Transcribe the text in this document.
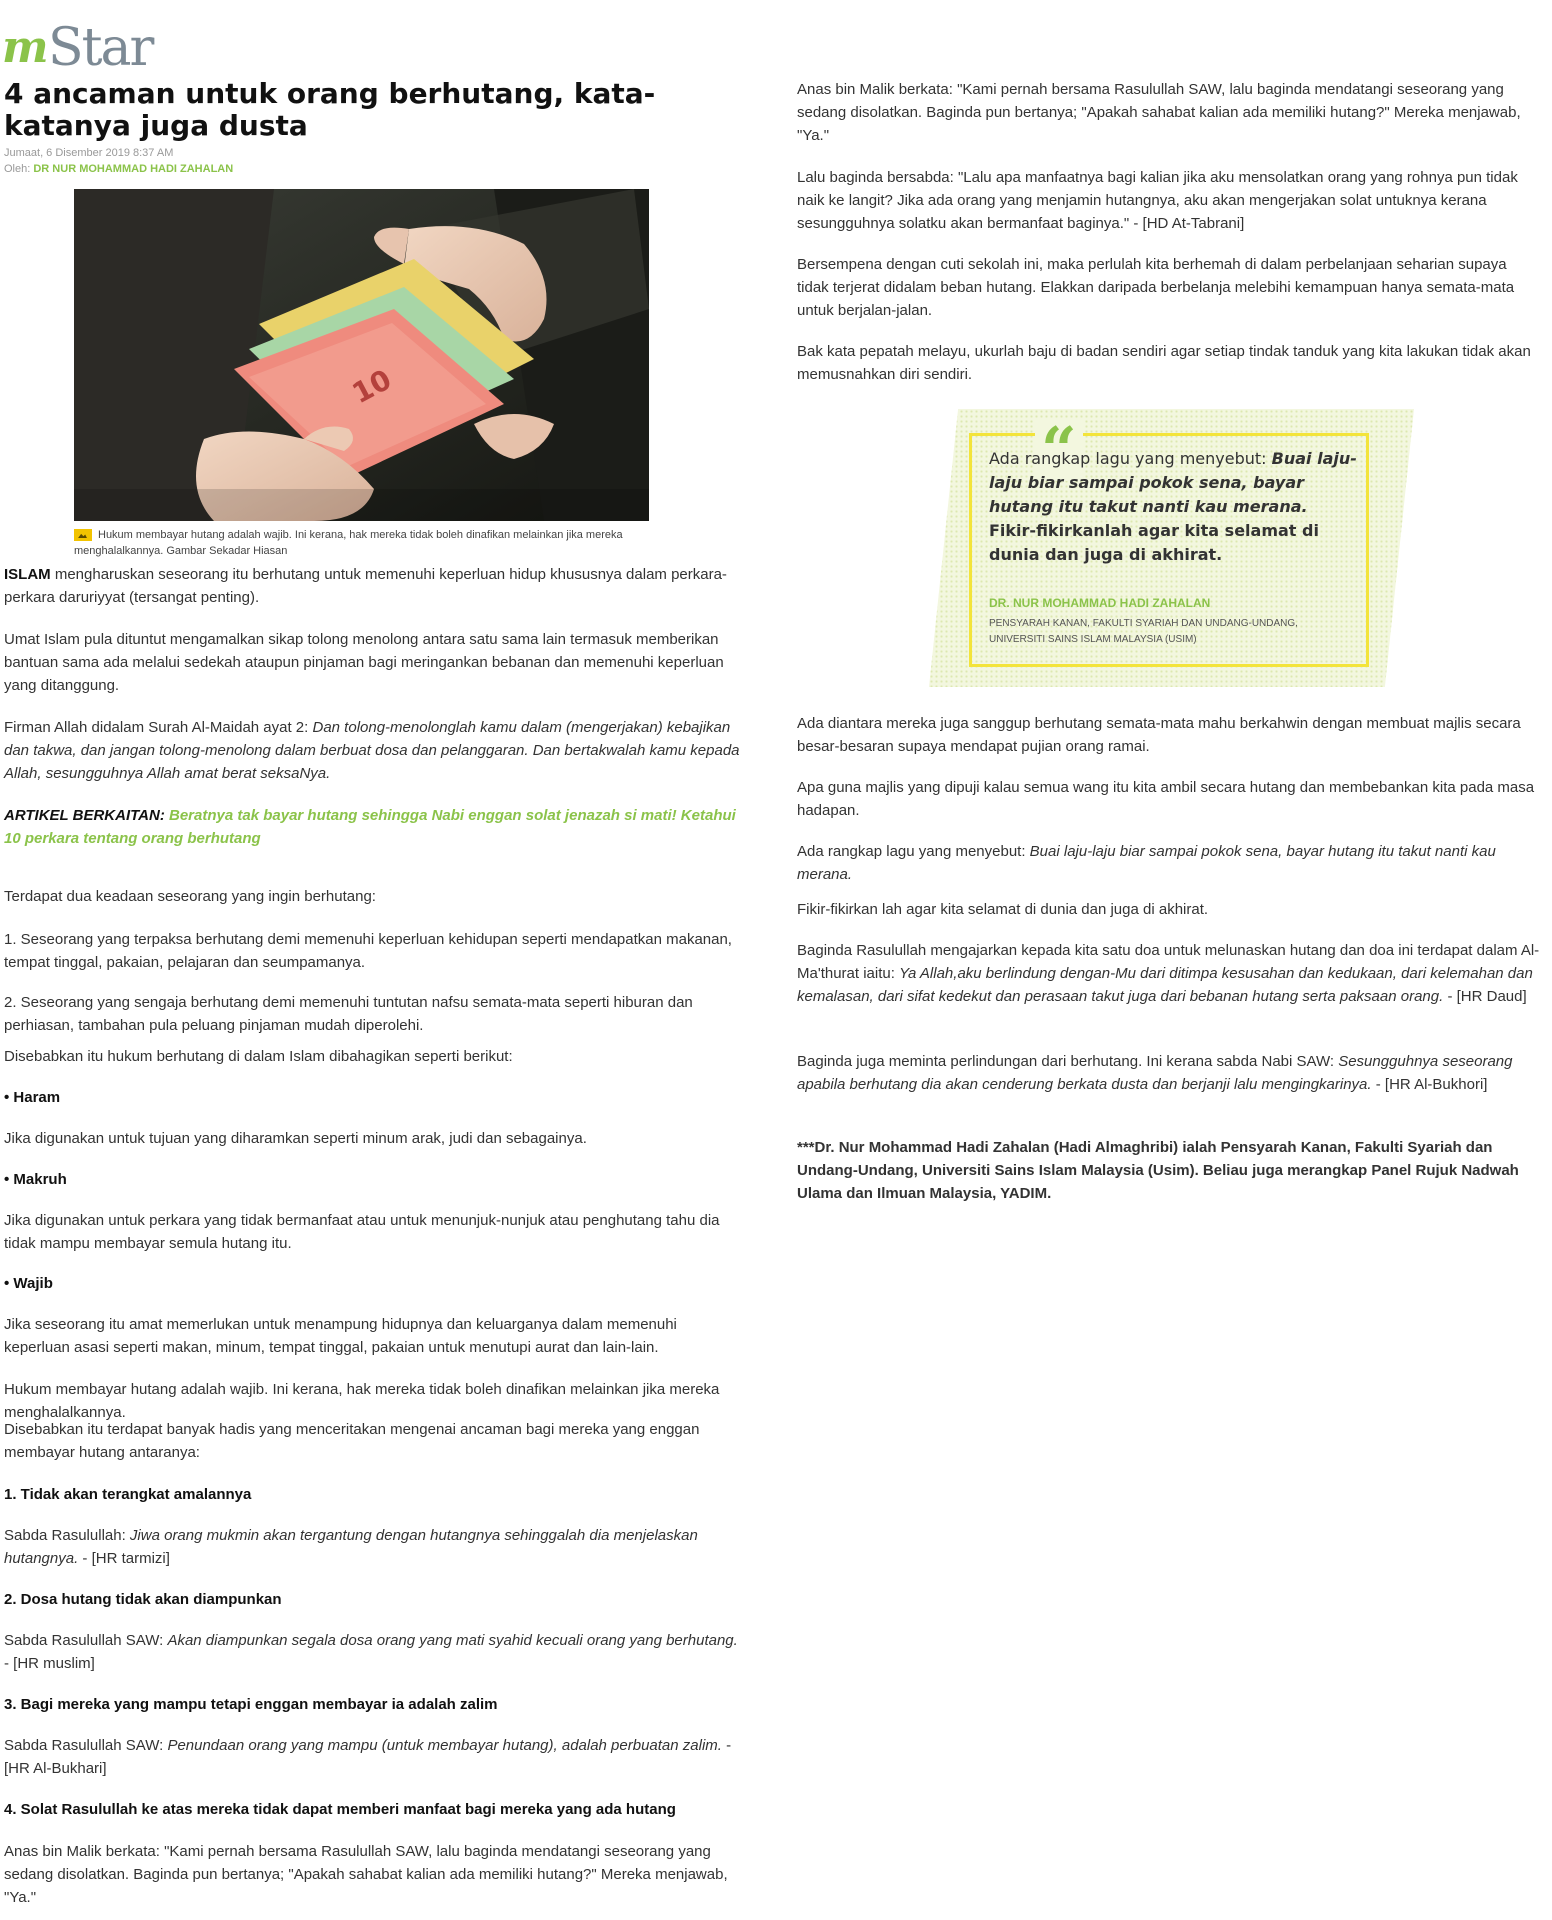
m Star
4 ancaman untuk orang berhutang, kata-katanya juga dusta
Jumaat, 6 Disember 2019 8:37 AM
Oleh: DR NUR MOHAMMAD HADI ZAHALAN
10
Hukum membayar hutang adalah wajib. Ini kerana, hak mereka tidak boleh dinafikan melainkan jika mereka menghalalkannya. Gambar Sekadar Hiasan

ISLAM mengharuskan seseorang itu berhutang untuk memenuhi keperluan hidup khususnya dalam perkara-perkara daruriyyat (tersangat penting).

Umat Islam pula dituntut mengamalkan sikap tolong menolong antara satu sama lain termasuk memberikan bantuan sama ada melalui sedekah ataupun pinjaman bagi meringankan bebanan dan memenuhi keperluan yang ditanggung.

Firman Allah didalam Surah Al-Maidah ayat 2: Dan tolong-menolonglah kamu dalam (mengerjakan) kebajikan dan takwa, dan jangan tolong-menolong dalam berbuat dosa dan pelanggaran. Dan bertakwalah kamu kepada Allah, sesungguhnya Allah amat berat seksaNya.

ARTIKEL BERKAITAN: Beratnya tak bayar hutang sehingga Nabi enggan solat jenazah si mati! Ketahui 10 perkara tentang orang berhutang

Terdapat dua keadaan seseorang yang ingin berhutang:

1. Seseorang yang terpaksa berhutang demi memenuhi keperluan kehidupan seperti mendapatkan makanan, tempat tinggal, pakaian, pelajaran dan seumpamanya.

2. Seseorang yang sengaja berhutang demi memenuhi tuntutan nafsu semata-mata seperti hiburan dan perhiasan, tambahan pula peluang pinjaman mudah diperolehi.

Disebabkan itu hukum berhutang di dalam Islam dibahagikan seperti berikut:

• Haram

Jika digunakan untuk tujuan yang diharamkan seperti minum arak, judi dan sebagainya.

• Makruh

Jika digunakan untuk perkara yang tidak bermanfaat atau untuk menunjuk-nunjuk atau penghutang tahu dia tidak mampu membayar semula hutang itu.

• Wajib

Jika seseorang itu amat memerlukan untuk menampung hidupnya dan keluarganya dalam memenuhi keperluan asasi seperti makan, minum, tempat tinggal, pakaian untuk menutupi aurat dan lain-lain.

Hukum membayar hutang adalah wajib. Ini kerana, hak mereka tidak boleh dinafikan melainkan jika mereka menghalalkannya.

Disebabkan itu terdapat banyak hadis yang menceritakan mengenai ancaman bagi mereka yang enggan membayar hutang antaranya:

1. Tidak akan terangkat amalannya

Sabda Rasulullah: Jiwa orang mukmin akan tergantung dengan hutangnya sehinggalah dia menjelaskan hutangnya. - [HR tarmizi]

2. Dosa hutang tidak akan diampunkan

Sabda Rasulullah SAW: Akan diampunkan segala dosa orang yang mati syahid kecuali orang yang berhutang. - [HR muslim]

3. Bagi mereka yang mampu tetapi enggan membayar ia adalah zalim

Sabda Rasulullah SAW: Penundaan orang yang mampu (untuk membayar hutang), adalah perbuatan zalim. - [HR Al-Bukhari]

4. Solat Rasulullah ke atas mereka tidak dapat memberi manfaat bagi mereka yang ada hutang

Anas bin Malik berkata: "Kami pernah bersama Rasulullah SAW, lalu baginda mendatangi seseorang yang sedang disolatkan. Baginda pun bertanya; "Apakah sahabat kalian ada memiliki hutang?" Mereka menjawab, "Ya."

Anas bin Malik berkata: "Kami pernah bersama Rasulullah SAW, lalu baginda mendatangi seseorang yang sedang disolatkan. Baginda pun bertanya; "Apakah sahabat kalian ada memiliki hutang?" Mereka menjawab, "Ya."

Lalu baginda bersabda: "Lalu apa manfaatnya bagi kalian jika aku mensolatkan orang yang rohnya pun tidak naik ke langit? Jika ada orang yang menjamin hutangnya, aku akan mengerjakan solat untuknya kerana sesungguhnya solatku akan bermanfaat baginya." - [HD At-Tabrani]

Bersempena dengan cuti sekolah ini, maka perlulah kita berhemah di dalam perbelanjaan seharian supaya tidak terjerat didalam beban hutang. Elakkan daripada berbelanja melebihi kemampuan hanya semata-mata untuk berjalan-jalan.

Bak kata pepatah melayu, ukurlah baju di badan sendiri agar setiap tindak tanduk yang kita lakukan tidak akan memusnahkan diri sendiri.

“
Ada rangkap lagu yang menyebut: Buai laju-laju biar sampai pokok sena, bayar hutang itu takut nanti kau merana. Fikir-fikirkanlah agar kita selamat di dunia dan juga di akhirat.
DR. NUR MOHAMMAD HADI ZAHALAN
PENSYARAH KANAN, FAKULTI SYARIAH DAN UNDANG-UNDANG, UNIVERSITI SAINS ISLAM MALAYSIA (USIM)

Ada diantara mereka juga sanggup berhutang semata-mata mahu berkahwin dengan membuat majlis secara besar-besaran supaya mendapat pujian orang ramai.

Apa guna majlis yang dipuji kalau semua wang itu kita ambil secara hutang dan membebankan kita pada masa hadapan.

Ada rangkap lagu yang menyebut: Buai laju-laju biar sampai pokok sena, bayar hutang itu takut nanti kau merana.

Fikir-fikirkan lah agar kita selamat di dunia dan juga di akhirat.

Baginda Rasulullah mengajarkan kepada kita satu doa untuk melunaskan hutang dan doa ini terdapat dalam Al-Ma'thurat iaitu: Ya Allah,aku berlindung dengan-Mu dari ditimpa kesusahan dan kedukaan, dari kelemahan dan kemalasan, dari sifat kedekut dan perasaan takut juga dari bebanan hutang serta paksaan orang. - [HR Daud]

Baginda juga meminta perlindungan dari berhutang. Ini kerana sabda Nabi SAW: Sesungguhnya seseorang apabila berhutang dia akan cenderung berkata dusta dan berjanji lalu mengingkarinya. - [HR Al-Bukhori]

***Dr. Nur Mohammad Hadi Zahalan (Hadi Almaghribi) ialah Pensyarah Kanan, Fakulti Syariah dan Undang-Undang, Universiti Sains Islam Malaysia (Usim). Beliau juga merangkap Panel Rujuk Nadwah Ulama dan Ilmuan Malaysia, YADIM.
